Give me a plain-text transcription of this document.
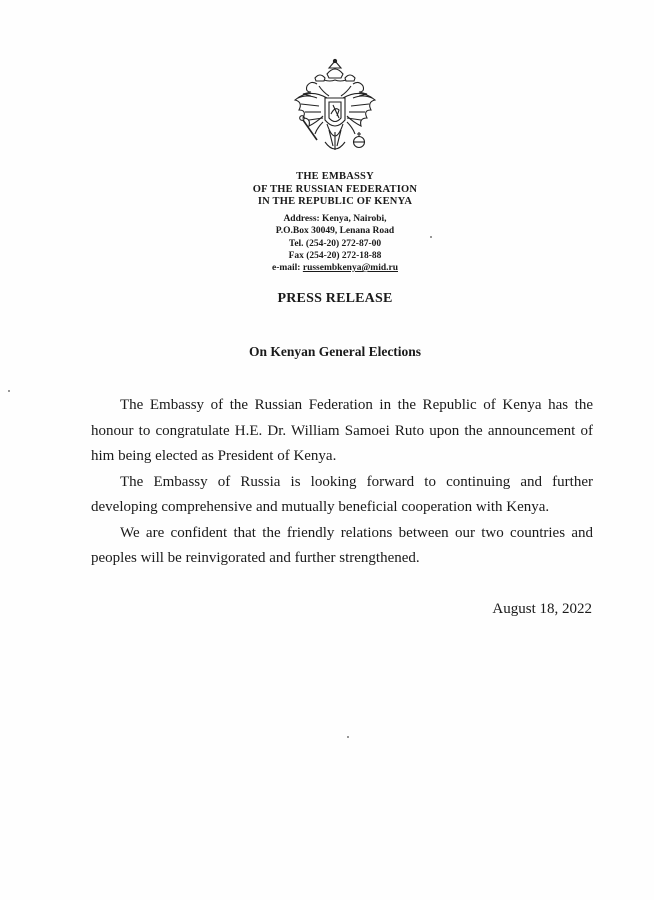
THE EMBASSY
OF THE RUSSIAN FEDERATION
IN THE REPUBLIC OF KENYA
Address: Kenya, Nairobi,
P.O.Box 30049, Lenana Road
Tel. (254-20) 272-87-00
Fax (254-20) 272-18-88
e-mail: russembkenya@mid.ru
PRESS RELEASE
On Kenyan General Elections

The Embassy of the Russian Federation in the Republic of Kenya has the honour to congratulate H.E. Dr. William Samoei Ruto upon the announcement of him being elected as President of Kenya.

The Embassy of Russia is looking forward to continuing and further developing comprehensive and mutually beneficial cooperation with Kenya.

We are confident that the friendly relations between our two countries and peoples will be reinvigorated and further strengthened.

August 18, 2022
